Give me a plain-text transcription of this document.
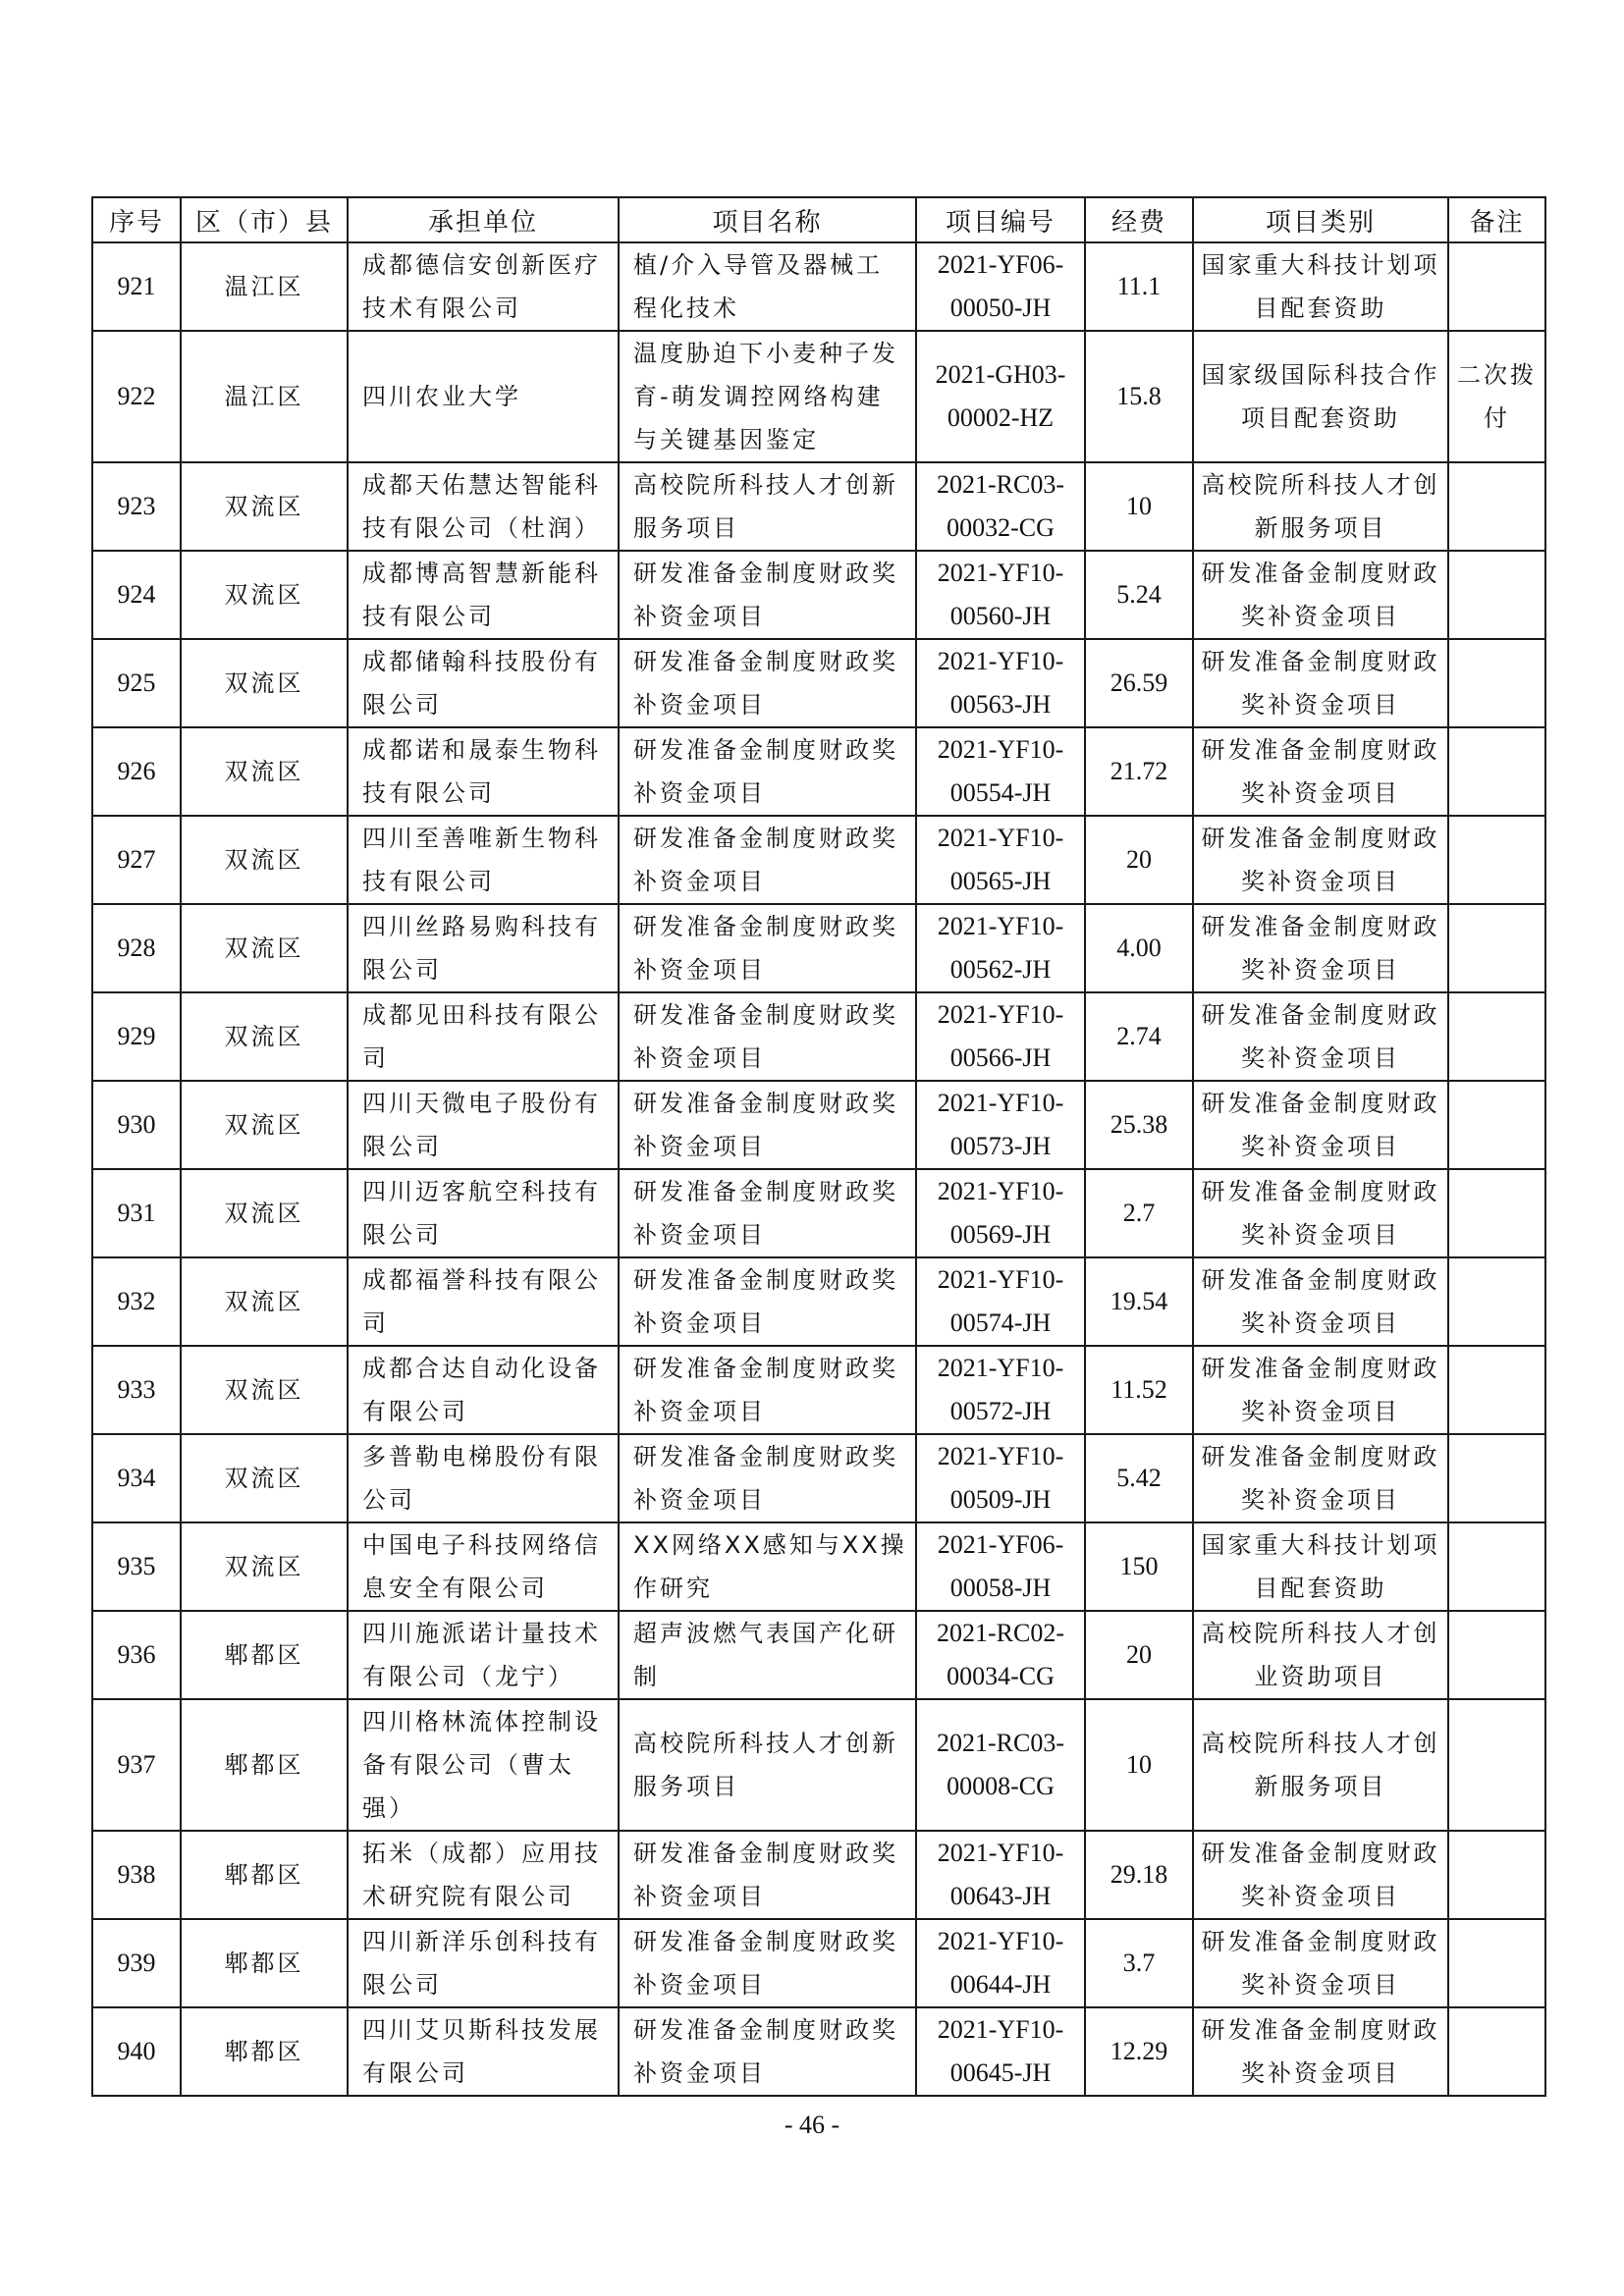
序号	区（市）县	承担单位	项目名称	项目编号	经费	项目类别	备注
921	温江区	成都德信安创新医疗技术有限公司	植/介入导管及器械工程化技术	2021-YF06-00050-JH	11.1	国家重大科技计划项目配套资助	
922	温江区	四川农业大学	温度胁迫下小麦种子发育-萌发调控网络构建与关键基因鉴定	2021-GH03-00002-HZ	15.8	国家级国际科技合作项目配套资助	二次拨付
923	双流区	成都天佑慧达智能科技有限公司（杜润）	高校院所科技人才创新服务项目	2021-RC03-00032-CG	10	高校院所科技人才创新服务项目	
924	双流区	成都博高智慧新能科技有限公司	研发准备金制度财政奖补资金项目	2021-YF10-00560-JH	5.24	研发准备金制度财政奖补资金项目	
925	双流区	成都储翰科技股份有限公司	研发准备金制度财政奖补资金项目	2021-YF10-00563-JH	26.59	研发准备金制度财政奖补资金项目	
926	双流区	成都诺和晟泰生物科技有限公司	研发准备金制度财政奖补资金项目	2021-YF10-00554-JH	21.72	研发准备金制度财政奖补资金项目	
927	双流区	四川至善唯新生物科技有限公司	研发准备金制度财政奖补资金项目	2021-YF10-00565-JH	20	研发准备金制度财政奖补资金项目	
928	双流区	四川丝路易购科技有限公司	研发准备金制度财政奖补资金项目	2021-YF10-00562-JH	4.00	研发准备金制度财政奖补资金项目	
929	双流区	成都见田科技有限公司	研发准备金制度财政奖补资金项目	2021-YF10-00566-JH	2.74	研发准备金制度财政奖补资金项目	
930	双流区	四川天微电子股份有限公司	研发准备金制度财政奖补资金项目	2021-YF10-00573-JH	25.38	研发准备金制度财政奖补资金项目	
931	双流区	四川迈客航空科技有限公司	研发准备金制度财政奖补资金项目	2021-YF10-00569-JH	2.7	研发准备金制度财政奖补资金项目	
932	双流区	成都福誉科技有限公司	研发准备金制度财政奖补资金项目	2021-YF10-00574-JH	19.54	研发准备金制度财政奖补资金项目	
933	双流区	成都合达自动化设备有限公司	研发准备金制度财政奖补资金项目	2021-YF10-00572-JH	11.52	研发准备金制度财政奖补资金项目	
934	双流区	多普勒电梯股份有限公司	研发准备金制度财政奖补资金项目	2021-YF10-00509-JH	5.42	研发准备金制度财政奖补资金项目	
935	双流区	中国电子科技网络信息安全有限公司	XX网络XX感知与XX操作研究	2021-YF06-00058-JH	150	国家重大科技计划项目配套资助	
936	郫都区	四川施派诺计量技术有限公司（龙宁）	超声波燃气表国产化研制	2021-RC02-00034-CG	20	高校院所科技人才创业资助项目	
937	郫都区	四川格林流体控制设备有限公司（曹太强）	高校院所科技人才创新服务项目	2021-RC03-00008-CG	10	高校院所科技人才创新服务项目	
938	郫都区	拓米（成都）应用技术研究院有限公司	研发准备金制度财政奖补资金项目	2021-YF10-00643-JH	29.18	研发准备金制度财政奖补资金项目	
939	郫都区	四川新洋乐创科技有限公司	研发准备金制度财政奖补资金项目	2021-YF10-00644-JH	3.7	研发准备金制度财政奖补资金项目	
940	郫都区	四川艾贝斯科技发展有限公司	研发准备金制度财政奖补资金项目	2021-YF10-00645-JH	12.29	研发准备金制度财政奖补资金项目	
- 46 -
